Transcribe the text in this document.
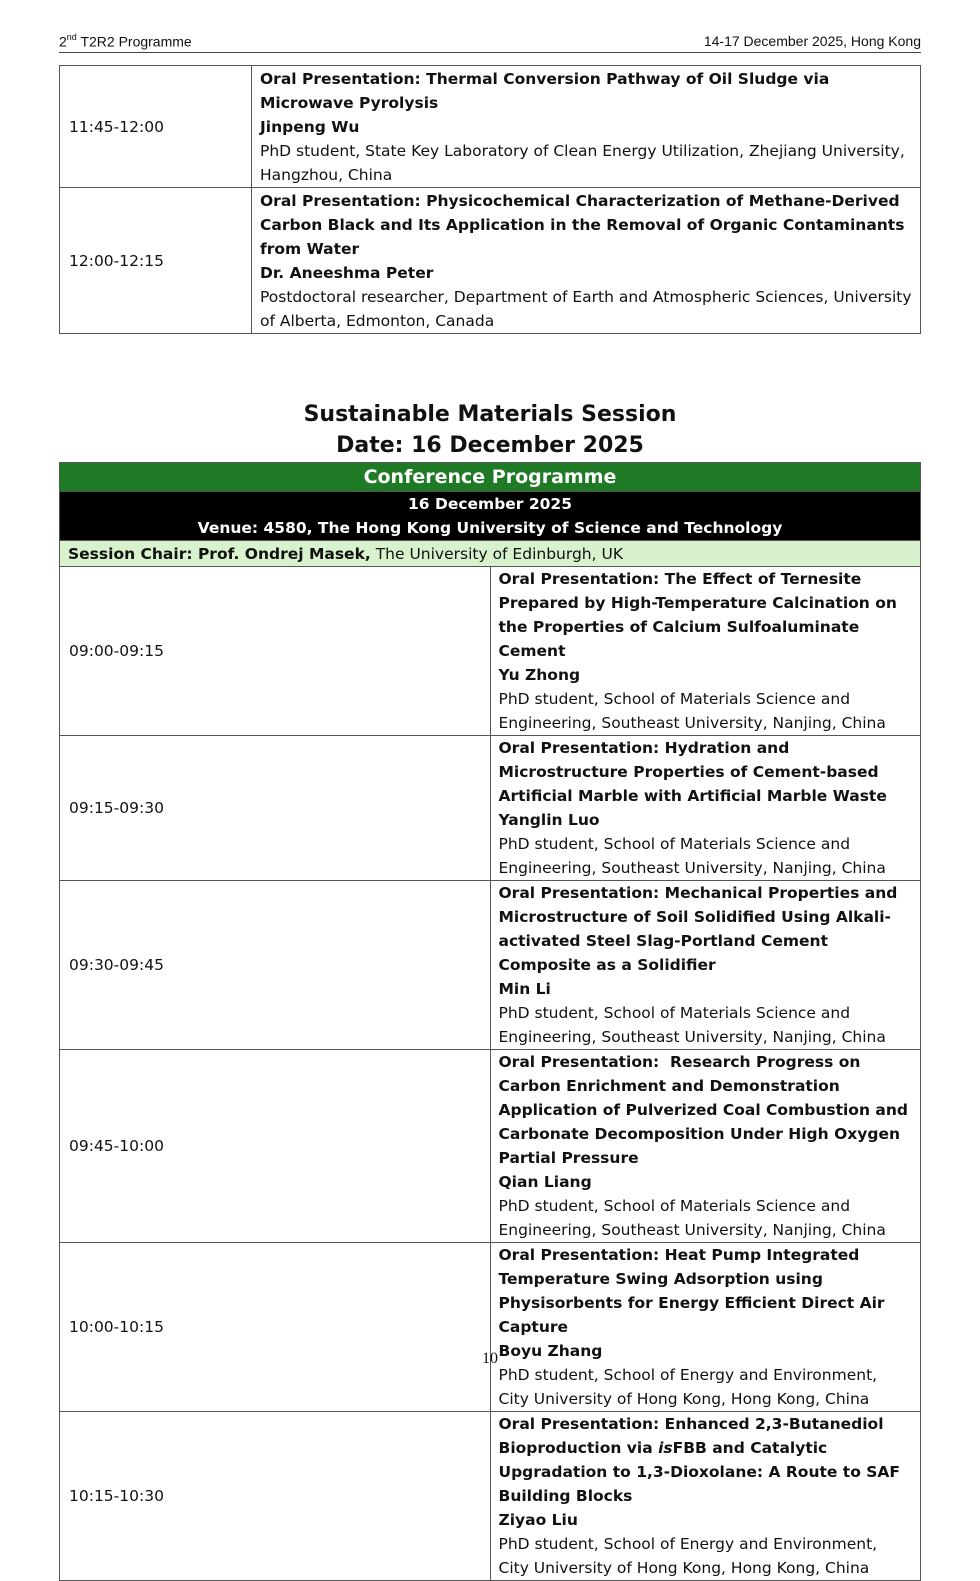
2nd T2R2 Programme	14-17 December 2025, Hong Kong
11:45-12:00	Oral Presentation: Thermal Conversion Pathway of Oil Sludge via Microwave Pyrolysis
Jinpeng Wu
PhD student, State Key Laboratory of Clean Energy Utilization, Zhejiang University, Hangzhou, China

12:00-12:15	Oral Presentation: Physicochemical Characterization of Methane-Derived Carbon Black and Its Application in the Removal of Organic Contaminants from Water
Dr. Aneeshma Peter
Postdoctoral researcher, Department of Earth and Atmospheric Sciences, University of Alberta, Edmonton, Canada
Sustainable Materials Session
Date: 16 December 2025
Conference Programme	

16 December 2025
Venue: 4580, The Hong Kong University of Science and Technology	

Session Chair: Prof. Ondrej Masek, The University of Edinburgh, UK	
09:00-09:15	Oral Presentation: The Effect of Ternesite Prepared by High-Temperature Calcination on the Properties of Calcium Sulfoaluminate Cement
Yu Zhong
PhD student, School of Materials Science and Engineering, Southeast University, Nanjing, China

09:15-09:30	Oral Presentation: Hydration and Microstructure Properties of Cement-based Artificial Marble with Artificial Marble Waste
Yanglin Luo
PhD student, School of Materials Science and Engineering, Southeast University, Nanjing, China

09:30-09:45	Oral Presentation: Mechanical Properties and Microstructure of Soil Solidified Using Alkali-activated Steel Slag-Portland Cement Composite as a Solidifier
Min Li
PhD student, School of Materials Science and Engineering, Southeast University, Nanjing, China

09:45-10:00	Oral Presentation:  Research Progress on Carbon Enrichment and Demonstration Application of Pulverized Coal Combustion and Carbonate Decomposition Under High Oxygen Partial Pressure
Qian Liang
PhD student, School of Materials Science and Engineering, Southeast University, Nanjing, China

10:00-10:15	Oral Presentation: Heat Pump Integrated Temperature Swing Adsorption using Physisorbents for Energy Efficient Direct Air Capture
Boyu Zhang
PhD student, School of Energy and Environment, City University of Hong Kong, Hong Kong, China

10:15-10:30	Oral Presentation: Enhanced 2,3-Butanediol Bioproduction via isFBB and Catalytic Upgradation to 1,3-Dioxolane: A Route to SAF Building Blocks
Ziyao Liu
PhD student, School of Energy and Environment, City University of Hong Kong, Hong Kong, China
10
